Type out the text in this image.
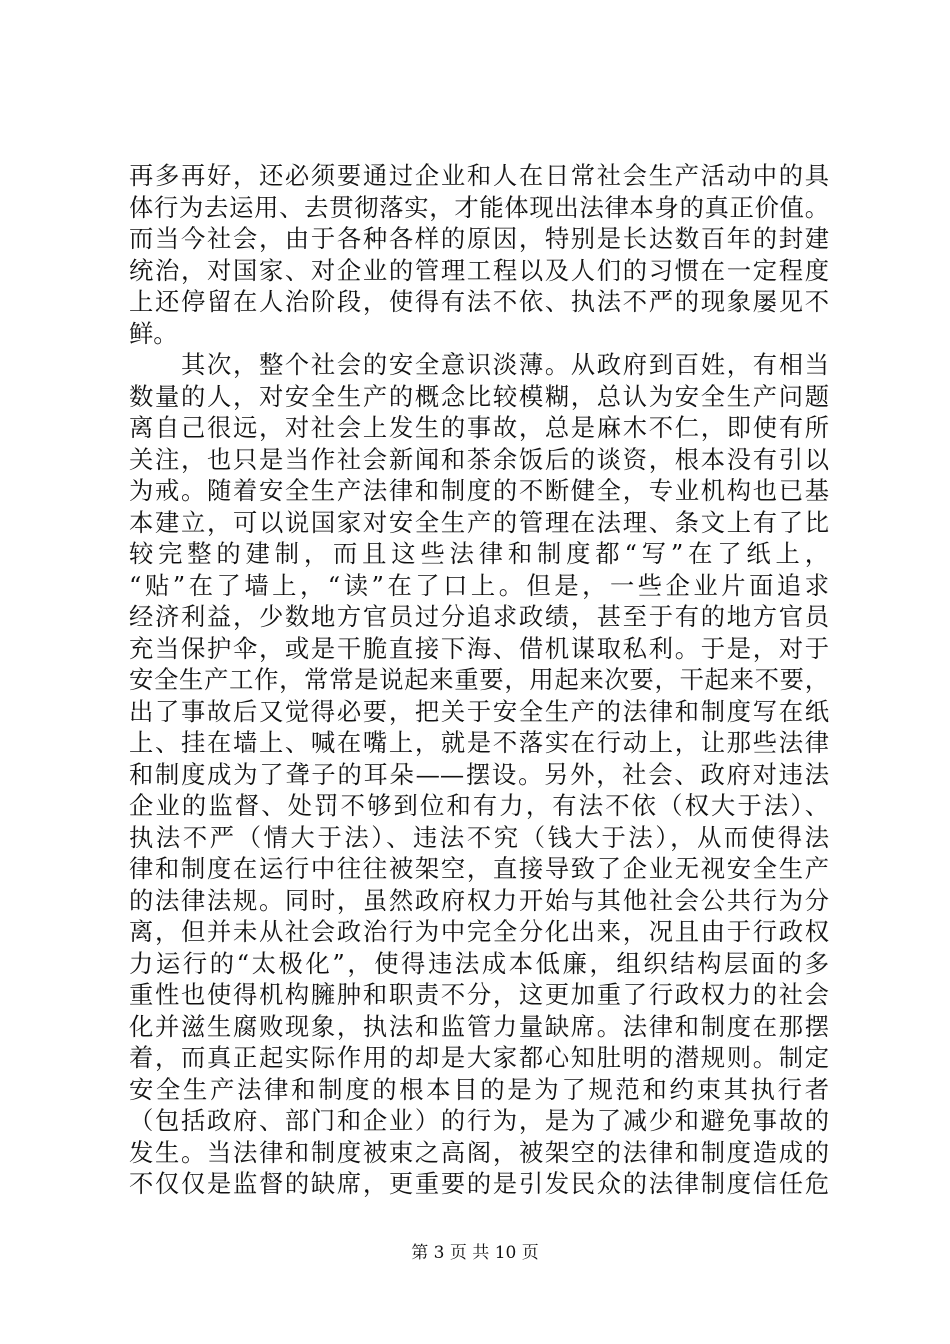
再多再好，还必须要通过企业和人在日常社会生产活动中的具
体行为去运用、去贯彻落实，才能体现出法律本身的真正价值。
而当今社会，由于各种各样的原因，特别是长达数百年的封建
统治，对国家、对企业的管理工程以及人们的习惯在一定程度
上还停留在人治阶段，使得有法不依、执法不严的现象屡见不
鲜。
　　其次，整个社会的安全意识淡薄。从政府到百姓，有相当
数量的人，对安全生产的概念比较模糊，总认为安全生产问题
离自己很远，对社会上发生的事故，总是麻木不仁，即使有所
关注，也只是当作社会新闻和茶余饭后的谈资，根本没有引以
为戒。随着安全生产法律和制度的不断健全，专业机构也已基
本建立，可以说国家对安全生产的管理在法理、条文上有了比
较完整的建制，而且这些法律和制度都“写”在了纸上，
“贴”在了墙上，“读”在了口上。但是，一些企业片面追求
经济利益，少数地方官员过分追求政绩，甚至于有的地方官员
充当保护伞，或是干脆直接下海、借机谋取私利。于是，对于
安全生产工作，常常是说起来重要，用起来次要，干起来不要，
出了事故后又觉得必要，把关于安全生产的法律和制度写在纸
上、挂在墙上、喊在嘴上，就是不落实在行动上，让那些法律
和制度成为了聋子的耳朵——摆设。另外，社会、政府对违法
企业的监督、处罚不够到位和有力，有法不依（权大于法）、
执法不严（情大于法）、违法不究（钱大于法），从而使得法
律和制度在运行中往往被架空，直接导致了企业无视安全生产
的法律法规。同时，虽然政府权力开始与其他社会公共行为分
离，但并未从社会政治行为中完全分化出来，况且由于行政权
力运行的“太极化”，使得违法成本低廉，组织结构层面的多
重性也使得机构臃肿和职责不分，这更加重了行政权力的社会
化并滋生腐败现象，执法和监管力量缺席。法律和制度在那摆
着，而真正起实际作用的却是大家都心知肚明的潜规则。制定
安全生产法律和制度的根本目的是为了规范和约束其执行者
（包括政府、部门和企业）的行为，是为了减少和避免事故的
发生。当法律和制度被束之高阁，被架空的法律和制度造成的
不仅仅是监督的缺席，更重要的是引发民众的法律制度信任危
第 3 页 共 10 页
